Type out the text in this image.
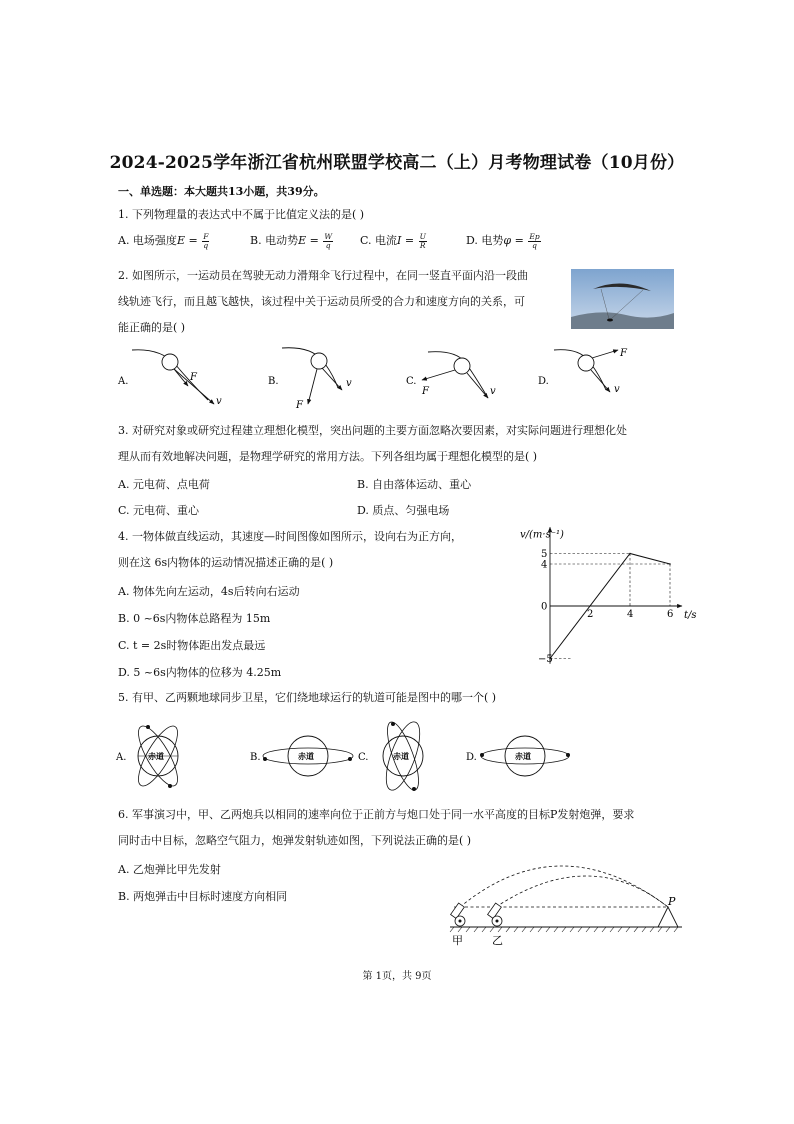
2024-2025学年浙江省杭州联盟学校高二（上）月考物理试卷（10月份）
一、单选题：本大题共13小题，共39分。
1. 下列物理量的表达式中不属于比值定义法的是( )
A. 电场强度$E = \frac{F}{q}$	B. 电动势$E = \frac{W}{q} C$. 电流$I = \frac{U}{R}$	D. 电势$\varphi = \frac{Ep}{q}$
2. 如图所示，一运动员在驾驶无动力滑翔伞飞行过程中，在同一竖直平面内沿一段曲
线轨迹飞行，而且越飞越快，该过程中关于运动员所受的合力和速度方向的关系，可
能正确的是( )
A.	F
v
B.
F
v	C.
F	v
D.
F
v
3. 对研究对象或研究过程建立理想化模型，突出问题的主要方面忽略次要因素，对实际问题进行理想化处
理从而有效地解决问题，是物理学研究的常用方法。下列各组均属于理想化模型的是( )
A. 元电荷、点电荷	B. 自由落体运动、重心
C. 元电荷、重心	D. 质点、匀强电场
4. 一物体做直线运动，其速度—时间图像如图所示，设向右为正方向，
则在这 6s内物体的运动情况描述正确的是( )
A. 物体先向左运动，4s后转向右运动
B. 0 ~6s内物体总路程为 15m
C. t = 2s时物体距出发点最远
D. 5 ~6s内物体的位移为 4.25m
2	4	6
5
4
0
−5
v/(m·s⁻¹)
t/s
5. 有甲、乙两颗地球同步卫星，它们绕地球运行的轨道可能是图中的哪一个( )
A.	赤道	B.	赤道	C.	赤道	D.	赤道
6. 军事演习中，甲、乙两炮兵以相同的速率向位于正前方与炮口处于同一水平高度的目标P发射炮弹，要求
同时击中目标，忽略空气阻力，炮弹发射轨迹如图，下列说法正确的是( )
A. 乙炮弹比甲先发射
B. 两炮弹击中目标时速度方向相同	P
甲	乙
第 1页，共 9页
